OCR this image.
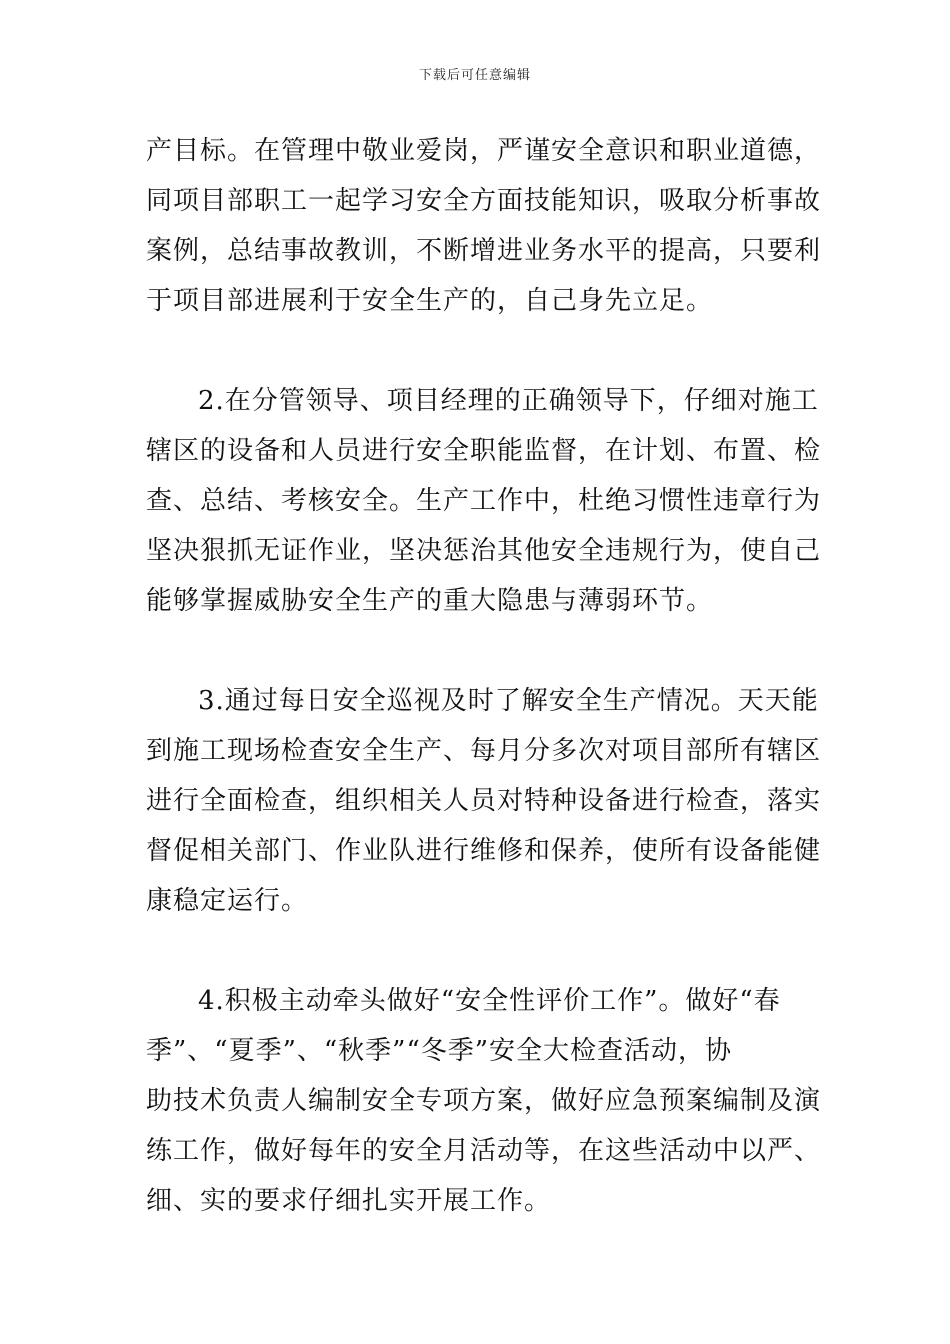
下载后可任意编辑
产目标。在管理中敬业爱岗，严谨安全意识和职业道德，
同项目部职工一起学习安全方面技能知识，吸取分析事故
案例，总结事故教训，不断增进业务水平的提高，只要利
于项目部进展利于安全生产的，自己身先立足。
2.在分管领导、项目经理的正确领导下，仔细对施工
辖区的设备和人员进行安全职能监督，在计划、布置、检
查、总结、考核安全。生产工作中，杜绝习惯性违章行为
坚决狠抓无证作业，坚决惩治其他安全违规行为，使自己
能够掌握威胁安全生产的重大隐患与薄弱环节。
3.通过每日安全巡视及时了解安全生产情况。天天能
到施工现场检查安全生产、每月分多次对项目部所有辖区
进行全面检查，组织相关人员对特种设备进行检查，落实
督促相关部门、作业队进行维修和保养，使所有设备能健
康稳定运行。
4.积极主动牵头做好“安全性评价工作”。做好“春
季”、“夏季”、“秋季”“冬季”安全大检查活动，协
助技术负责人编制安全专项方案，做好应急预案编制及演
练工作，做好每年的安全月活动等，在这些活动中以严、
细、实的要求仔细扎实开展工作。
